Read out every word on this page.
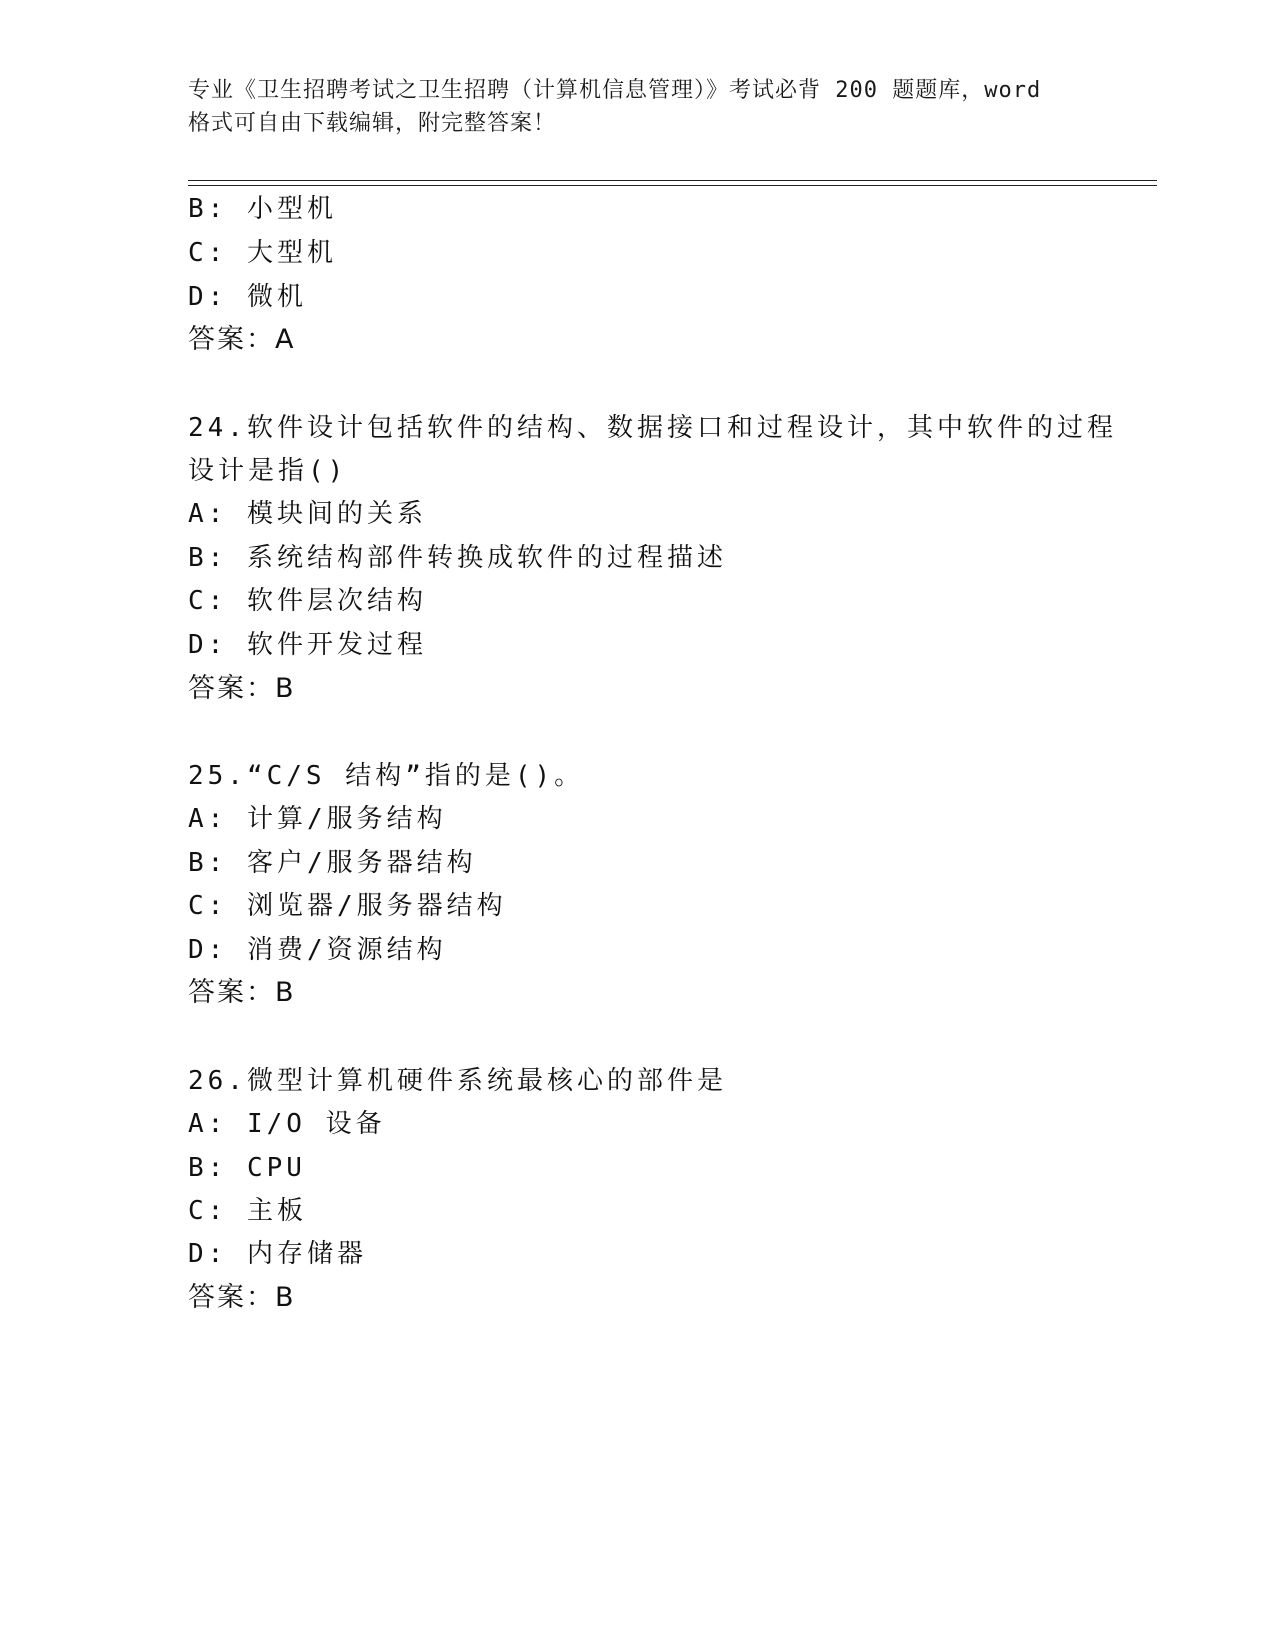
专业《卫生招聘考试之卫生招聘（计算机信息管理）》考试必背 200 题题库，word
格式可自由下载编辑，附完整答案！
B: 小型机
C: 大型机
D: 微机
答案：A
24.软件设计包括软件的结构、数据接口和过程设计，其中软件的过程
设计是指()
A: 模块间的关系
B: 系统结构部件转换成软件的过程描述
C: 软件层次结构
D: 软件开发过程
答案：B
25.“C/S 结构”指的是()。
A: 计算/服务结构
B: 客户/服务器结构
C: 浏览器/服务器结构
D: 消费/资源结构
答案：B
26.微型计算机硬件系统最核心的部件是
A: I/O 设备
B: CPU
C: 主板
D: 内存储器
答案：B
